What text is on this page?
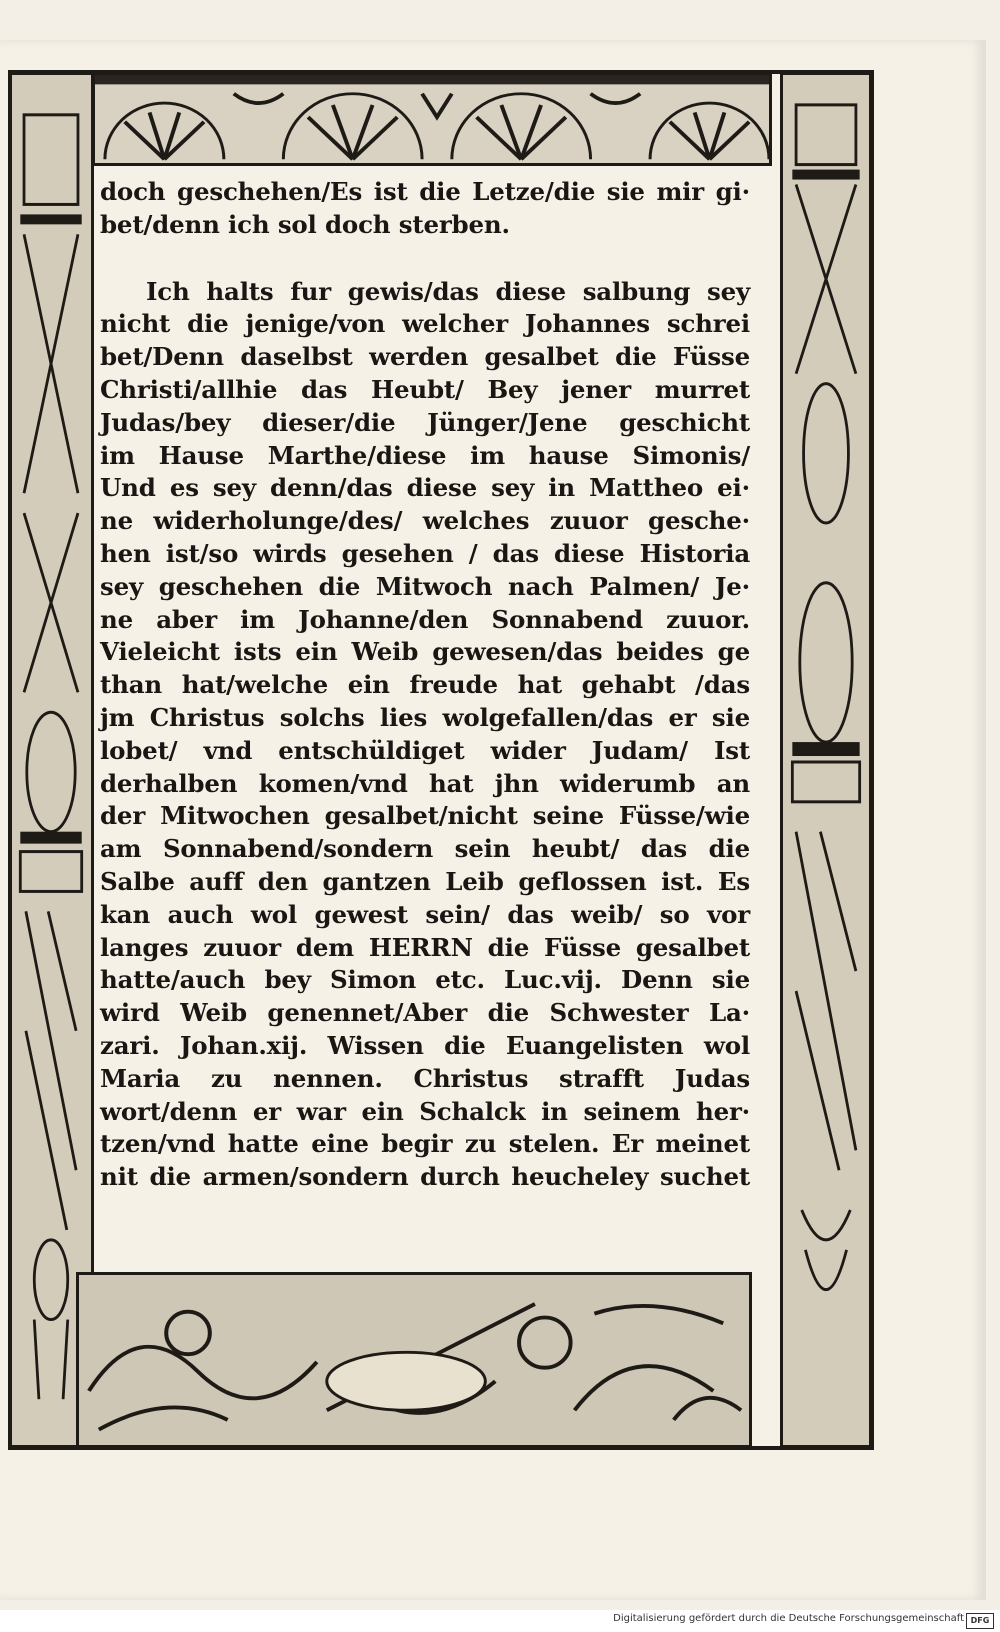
doch geschehen/Es ist die Letze/die sie mir gi·
bet/denn ich sol doch sterben.
Ich halts fur gewis/das diese salbung sey
nicht die jenige/von welcher Johannes schrei
bet/Denn daselbst werden gesalbet die Füsse
Christi/allhie das Heubt/ Bey jener murret
Judas/bey dieser/die Jünger/Jene geschicht
im Hause Marthe/diese im hause Simonis/
Und es sey denn/das diese sey in Mattheo ei·
ne widerholunge/des/ welches zuuor gesche·
hen ist/so wirds gesehen / das diese Historia
sey geschehen die Mitwoch nach Palmen/ Je·
ne aber im Johanne/den Sonnabend zuuor.
Vieleicht ists ein Weib gewesen/das beides ge
than hat/welche ein freude hat gehabt /das
jm Christus solchs lies wolgefallen/das er sie
lobet/ vnd entschüldiget wider Judam/ Ist
derhalben komen/vnd hat jhn widerumb an
der Mitwochen gesalbet/nicht seine Füsse/wie
am Sonnabend/sondern sein heubt/ das die
Salbe auff den gantzen Leib geflossen ist. Es
kan auch wol gewest sein/ das weib/ so vor
langes zuuor dem HERRN die Füsse gesalbet
hatte/auch bey Simon etc. Luc.vij. Denn sie
wird Weib genennet/Aber die Schwester La·
zari. Johan.xij. Wissen die Euangelisten wol
Maria zu nennen. Christus strafft Judas
wort/denn er war ein Schalck in seinem her·
tzen/vnd hatte eine begir zu stelen. Er meinet
nit die armen/sondern durch heucheley suchet
Digitalisierung gefördert durch die Deutsche Forschungsgemeinschaft DFG
